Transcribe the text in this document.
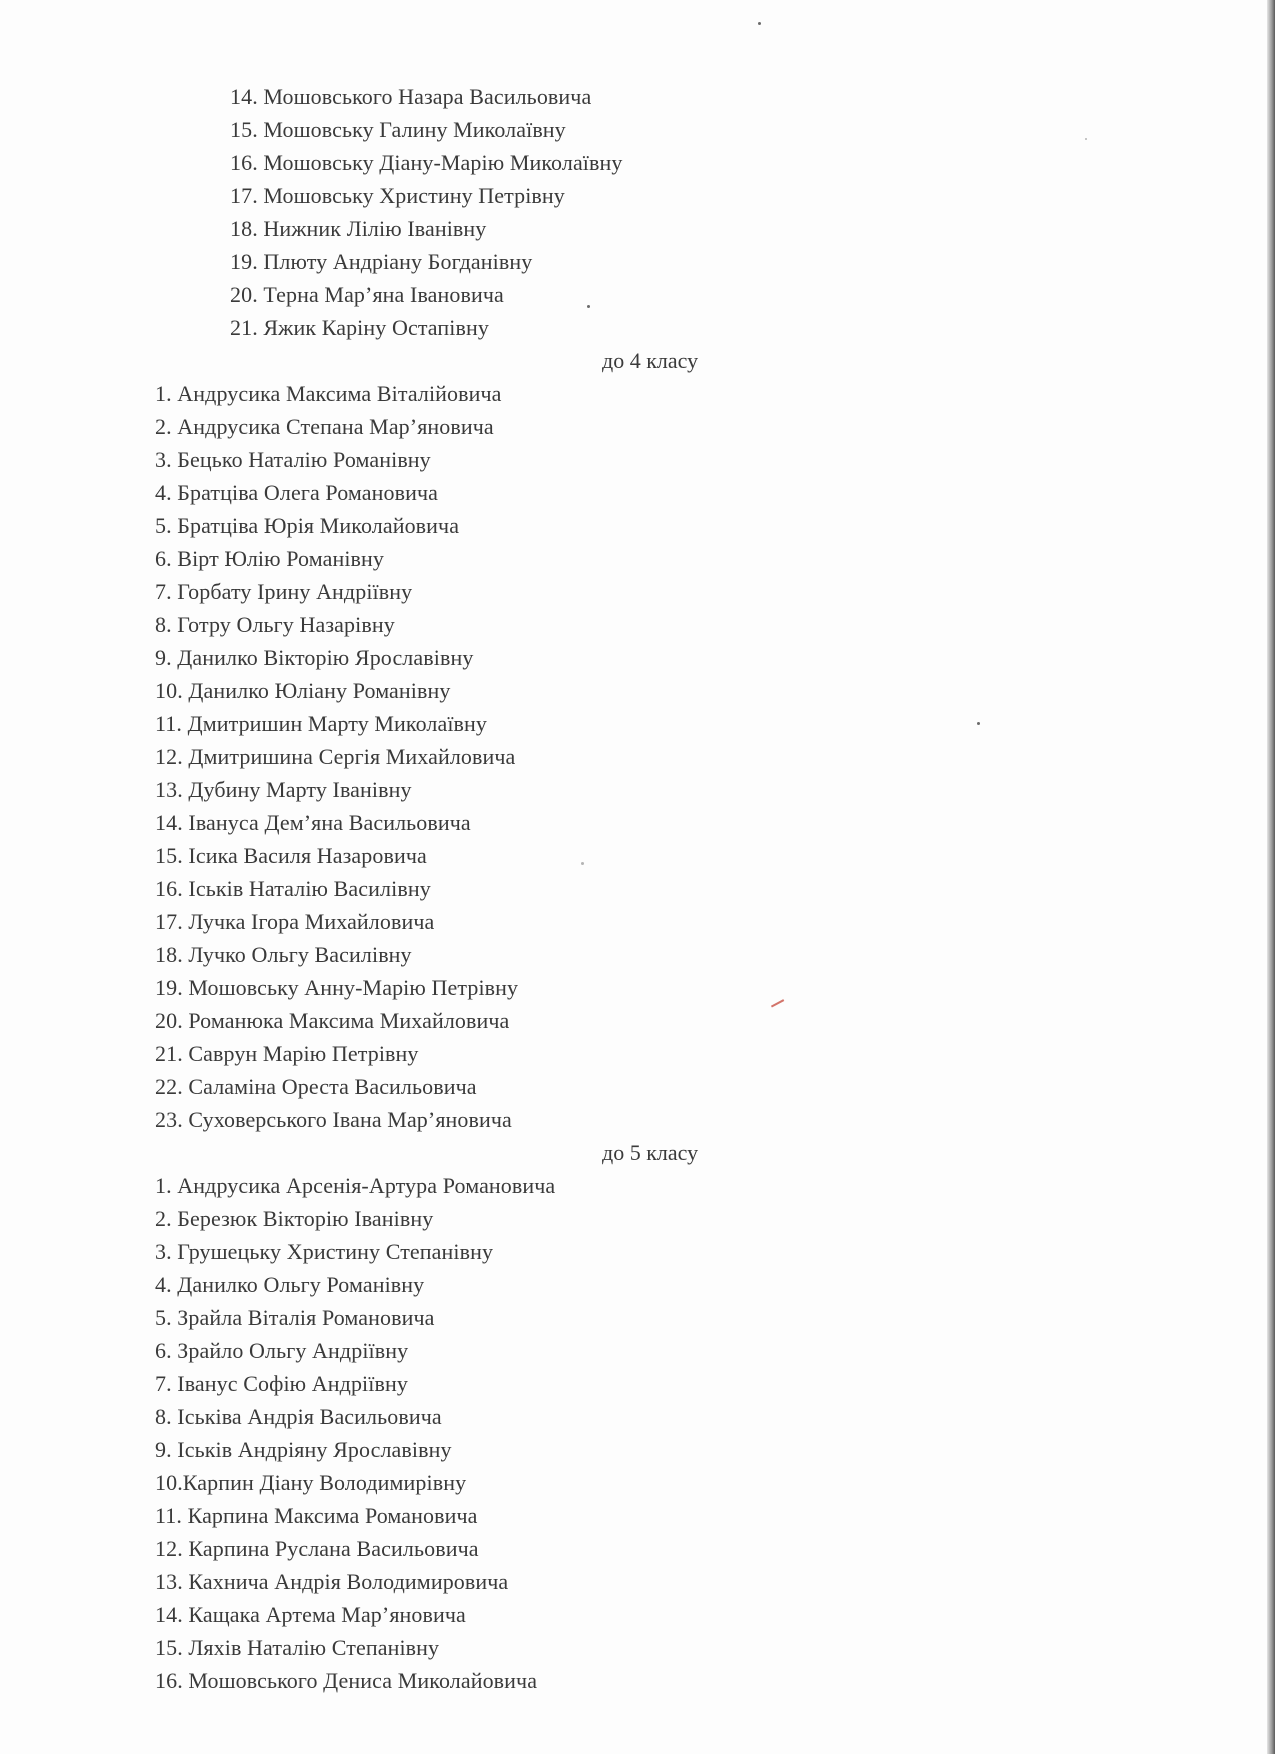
14. Мошовського Назара Васильовича
15. Мошовську Галину Миколаївну
16. Мошовську Діану-Марію Миколаївну
17. Мошовську Христину Петрівну
18. Нижник Лілію Іванівну
19. Плюту Андріану Богданівну
20. Терна Мар’яна Івановича
21. Яжик Каріну Остапівну
до 4 класу
1. Андрусика Максима Віталійовича
2. Андрусика Степана Мар’яновича
3. Бецько Наталію Романівну
4. Братціва Олега Романовича
5. Братціва Юрія Миколайовича
6. Вірт Юлію Романівну
7. Горбату Ірину Андріївну
8. Готру Ольгу Назарівну
9. Данилко Вікторію Ярославівну
10. Данилко Юліану Романівну
11. Дмитришин Марту Миколаївну
12. Дмитришина Сергія Михайловича
13. Дубину Марту Іванівну
14. Івануса Дем’яна Васильовича
15. Ісика Василя Назаровича
16. Іськів Наталію Василівну
17. Лучка Ігора Михайловича
18. Лучко Ольгу Василівну
19. Мошовську Анну-Марію Петрівну
20. Романюка Максима Михайловича
21. Саврун Марію Петрівну
22. Саламіна Ореста Васильовича
23. Суховерського Івана Мар’яновича
до 5 класу
1. Андрусика Арсенія-Артура Романовича
2. Березюк Вікторію Іванівну
3. Грушецьку Христину Степанівну
4. Данилко Ольгу Романівну
5. Зрайла Віталія Романовича
6. Зрайло Ольгу Андріївну
7. Іванус Софію Андріївну
8. Іськіва Андрія Васильовича
9. Іськів Андріяну Ярославівну
10.Карпин Діану Володимирівну
11. Карпина Максима Романовича
12. Карпина Руслана Васильовича
13. Кахнича Андрія Володимировича
14. Кащака Артема Мар’яновича
15. Ляхів Наталію Степанівну
16. Мошовського Дениса Миколайовича
